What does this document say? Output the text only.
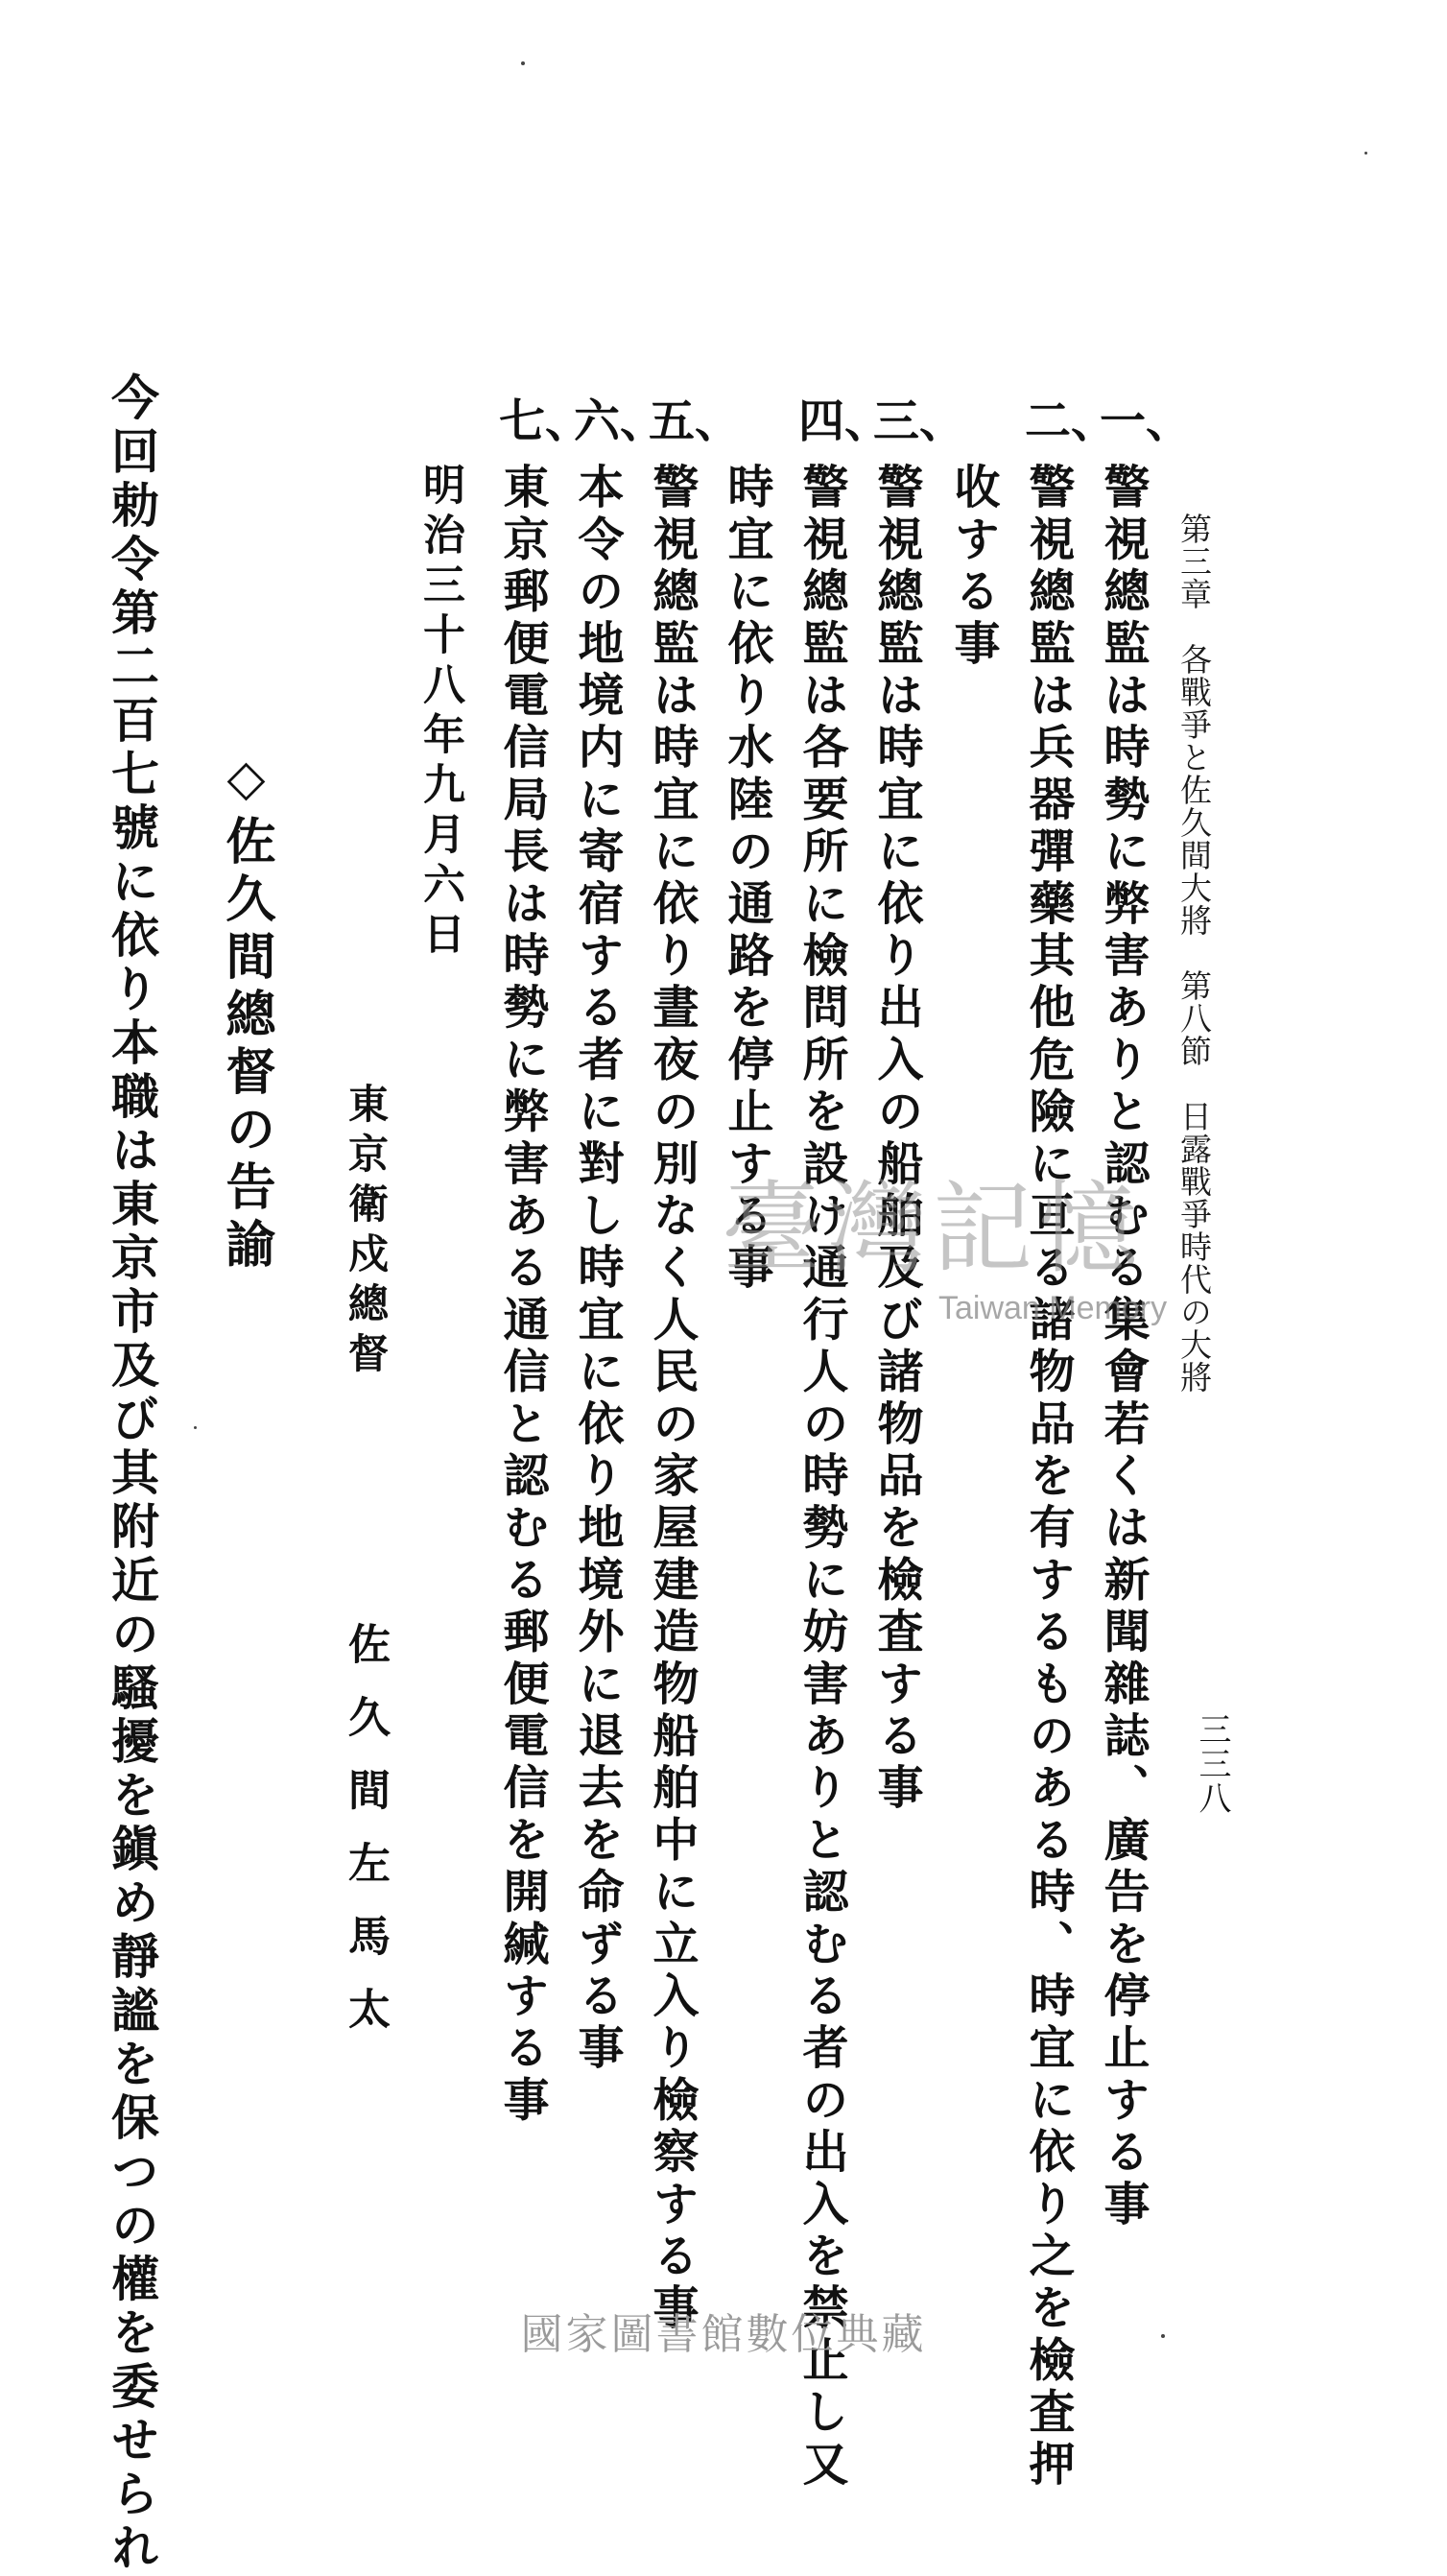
第三章　各戰爭と佐久間大將　第八節　日露戰爭時代の大將
三三八
一、
警視總監は時勢に弊害ありと認むる集會若くは新聞雜誌、廣告を停止する事
二、
警視總監は兵器彈藥其他危險に亘る諸物品を有するものある時、時宜に依り之を檢査押
收する事
三、
警視總監は時宜に依り出入の船舶及び諸物品を檢査する事
四、
警視總監は各要所に檢問所を設け通行人の時勢に妨害ありと認むる者の出入を禁止し又
時宜に依り水陸の通路を停止する事
五、
警視總監は時宜に依り晝夜の別なく人民の家屋建造物船舶中に立入り檢察する事
六、
本令の地境内に寄宿する者に對し時宜に依り地境外に退去を命ずる事
七、
東京郵便電信局長は時勢に弊害ある通信と認むる郵便電信を開緘する事
明治三十八年九月六日
東京衛戍總督
佐久間左馬太
臺灣記憶
Taiwan Memory
◇佐久間總督の告諭
今回勅令第二百七號に依り本職は東京市及び其附近の騷擾を鎭め靜謐を保つの權を委せられ	國家圖書館數位典藏
